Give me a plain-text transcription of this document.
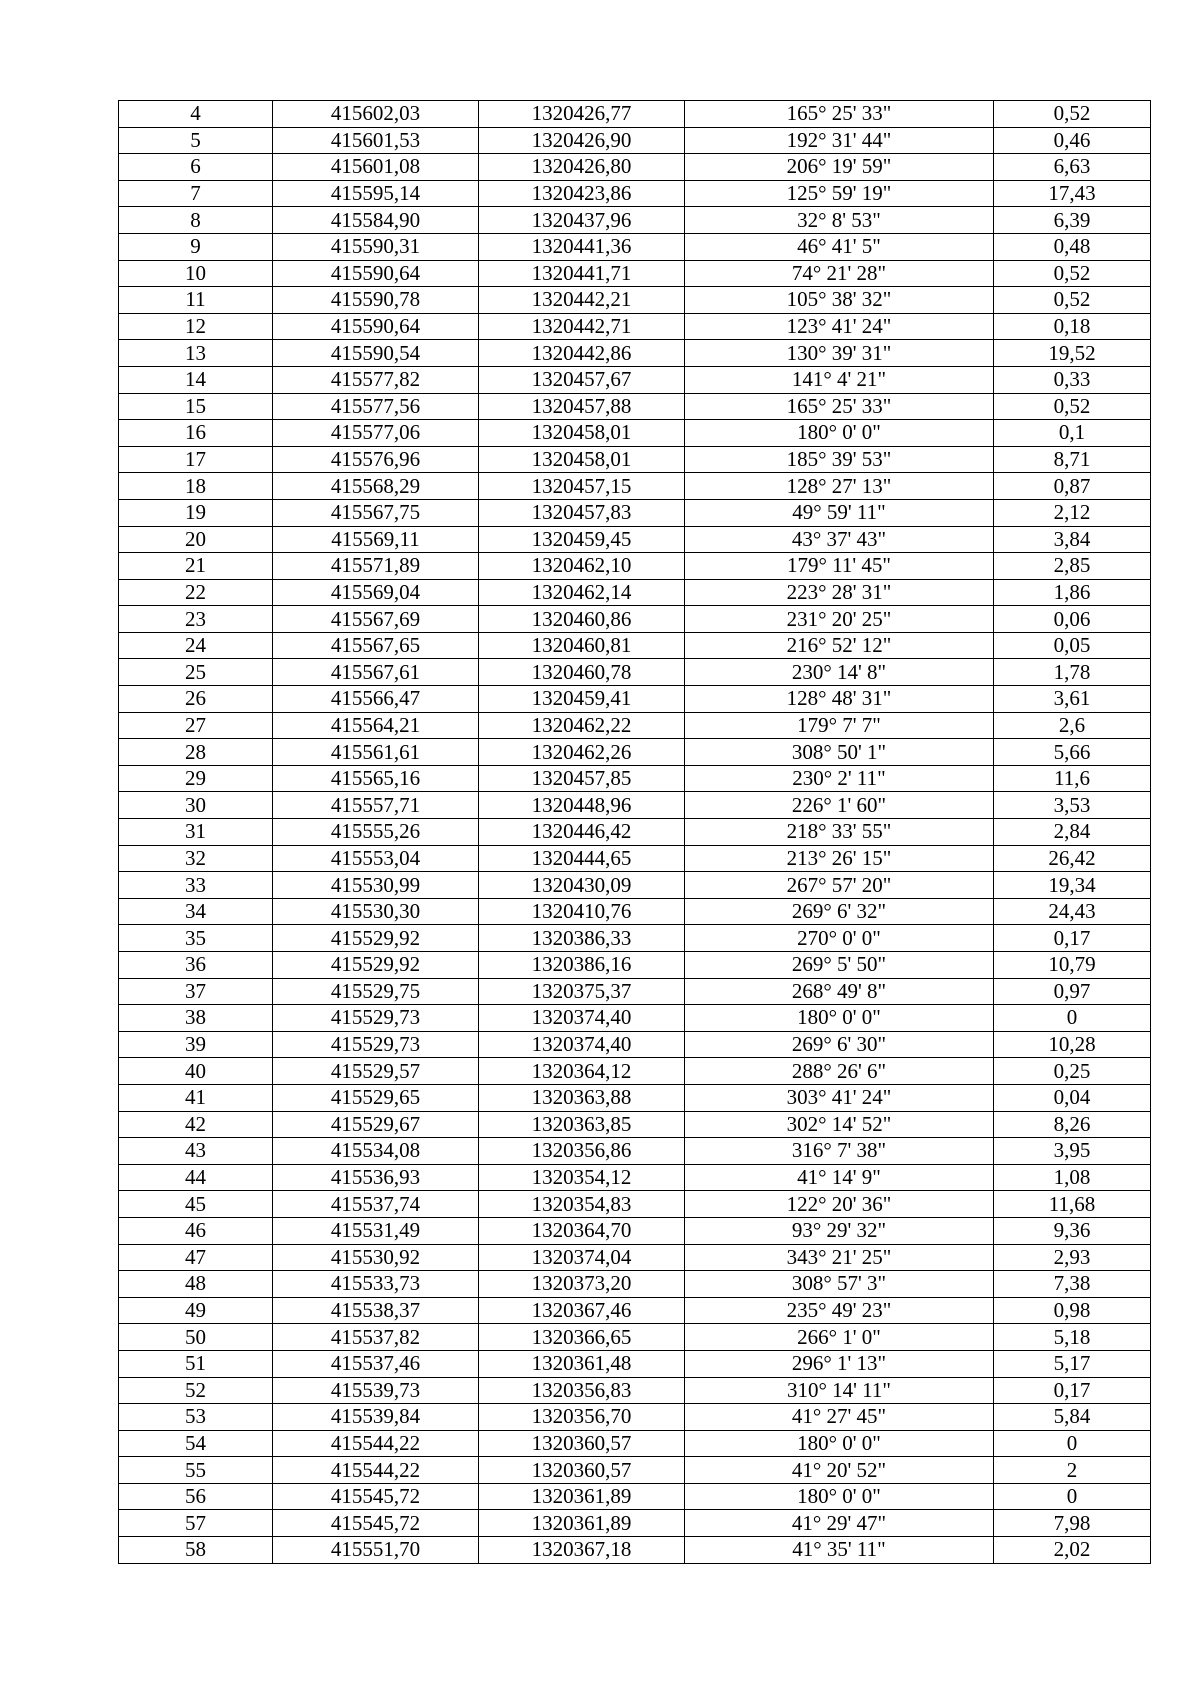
4	415602,03	1320426,77	165° 25' 33"	0,52
5	415601,53	1320426,90	192° 31' 44"	0,46
6	415601,08	1320426,80	206° 19' 59"	6,63
7	415595,14	1320423,86	125° 59' 19"	17,43
8	415584,90	1320437,96	32° 8' 53"	6,39
9	415590,31	1320441,36	46° 41' 5"	0,48
10	415590,64	1320441,71	74° 21' 28"	0,52
11	415590,78	1320442,21	105° 38' 32"	0,52
12	415590,64	1320442,71	123° 41' 24"	0,18
13	415590,54	1320442,86	130° 39' 31"	19,52
14	415577,82	1320457,67	141° 4' 21"	0,33
15	415577,56	1320457,88	165° 25' 33"	0,52
16	415577,06	1320458,01	180° 0' 0"	0,1
17	415576,96	1320458,01	185° 39' 53"	8,71
18	415568,29	1320457,15	128° 27' 13"	0,87
19	415567,75	1320457,83	49° 59' 11"	2,12
20	415569,11	1320459,45	43° 37' 43"	3,84
21	415571,89	1320462,10	179° 11' 45"	2,85
22	415569,04	1320462,14	223° 28' 31"	1,86
23	415567,69	1320460,86	231° 20' 25"	0,06
24	415567,65	1320460,81	216° 52' 12"	0,05
25	415567,61	1320460,78	230° 14' 8"	1,78
26	415566,47	1320459,41	128° 48' 31"	3,61
27	415564,21	1320462,22	179° 7' 7"	2,6
28	415561,61	1320462,26	308° 50' 1"	5,66
29	415565,16	1320457,85	230° 2' 11"	11,6
30	415557,71	1320448,96	226° 1' 60"	3,53
31	415555,26	1320446,42	218° 33' 55"	2,84
32	415553,04	1320444,65	213° 26' 15"	26,42
33	415530,99	1320430,09	267° 57' 20"	19,34
34	415530,30	1320410,76	269° 6' 32"	24,43
35	415529,92	1320386,33	270° 0' 0"	0,17
36	415529,92	1320386,16	269° 5' 50"	10,79
37	415529,75	1320375,37	268° 49' 8"	0,97
38	415529,73	1320374,40	180° 0' 0"	0
39	415529,73	1320374,40	269° 6' 30"	10,28
40	415529,57	1320364,12	288° 26' 6"	0,25
41	415529,65	1320363,88	303° 41' 24"	0,04
42	415529,67	1320363,85	302° 14' 52"	8,26
43	415534,08	1320356,86	316° 7' 38"	3,95
44	415536,93	1320354,12	41° 14' 9"	1,08
45	415537,74	1320354,83	122° 20' 36"	11,68
46	415531,49	1320364,70	93° 29' 32"	9,36
47	415530,92	1320374,04	343° 21' 25"	2,93
48	415533,73	1320373,20	308° 57' 3"	7,38
49	415538,37	1320367,46	235° 49' 23"	0,98
50	415537,82	1320366,65	266° 1' 0"	5,18
51	415537,46	1320361,48	296° 1' 13"	5,17
52	415539,73	1320356,83	310° 14' 11"	0,17
53	415539,84	1320356,70	41° 27' 45"	5,84
54	415544,22	1320360,57	180° 0' 0"	0
55	415544,22	1320360,57	41° 20' 52"	2
56	415545,72	1320361,89	180° 0' 0"	0
57	415545,72	1320361,89	41° 29' 47"	7,98
58	415551,70	1320367,18	41° 35' 11"	2,02
